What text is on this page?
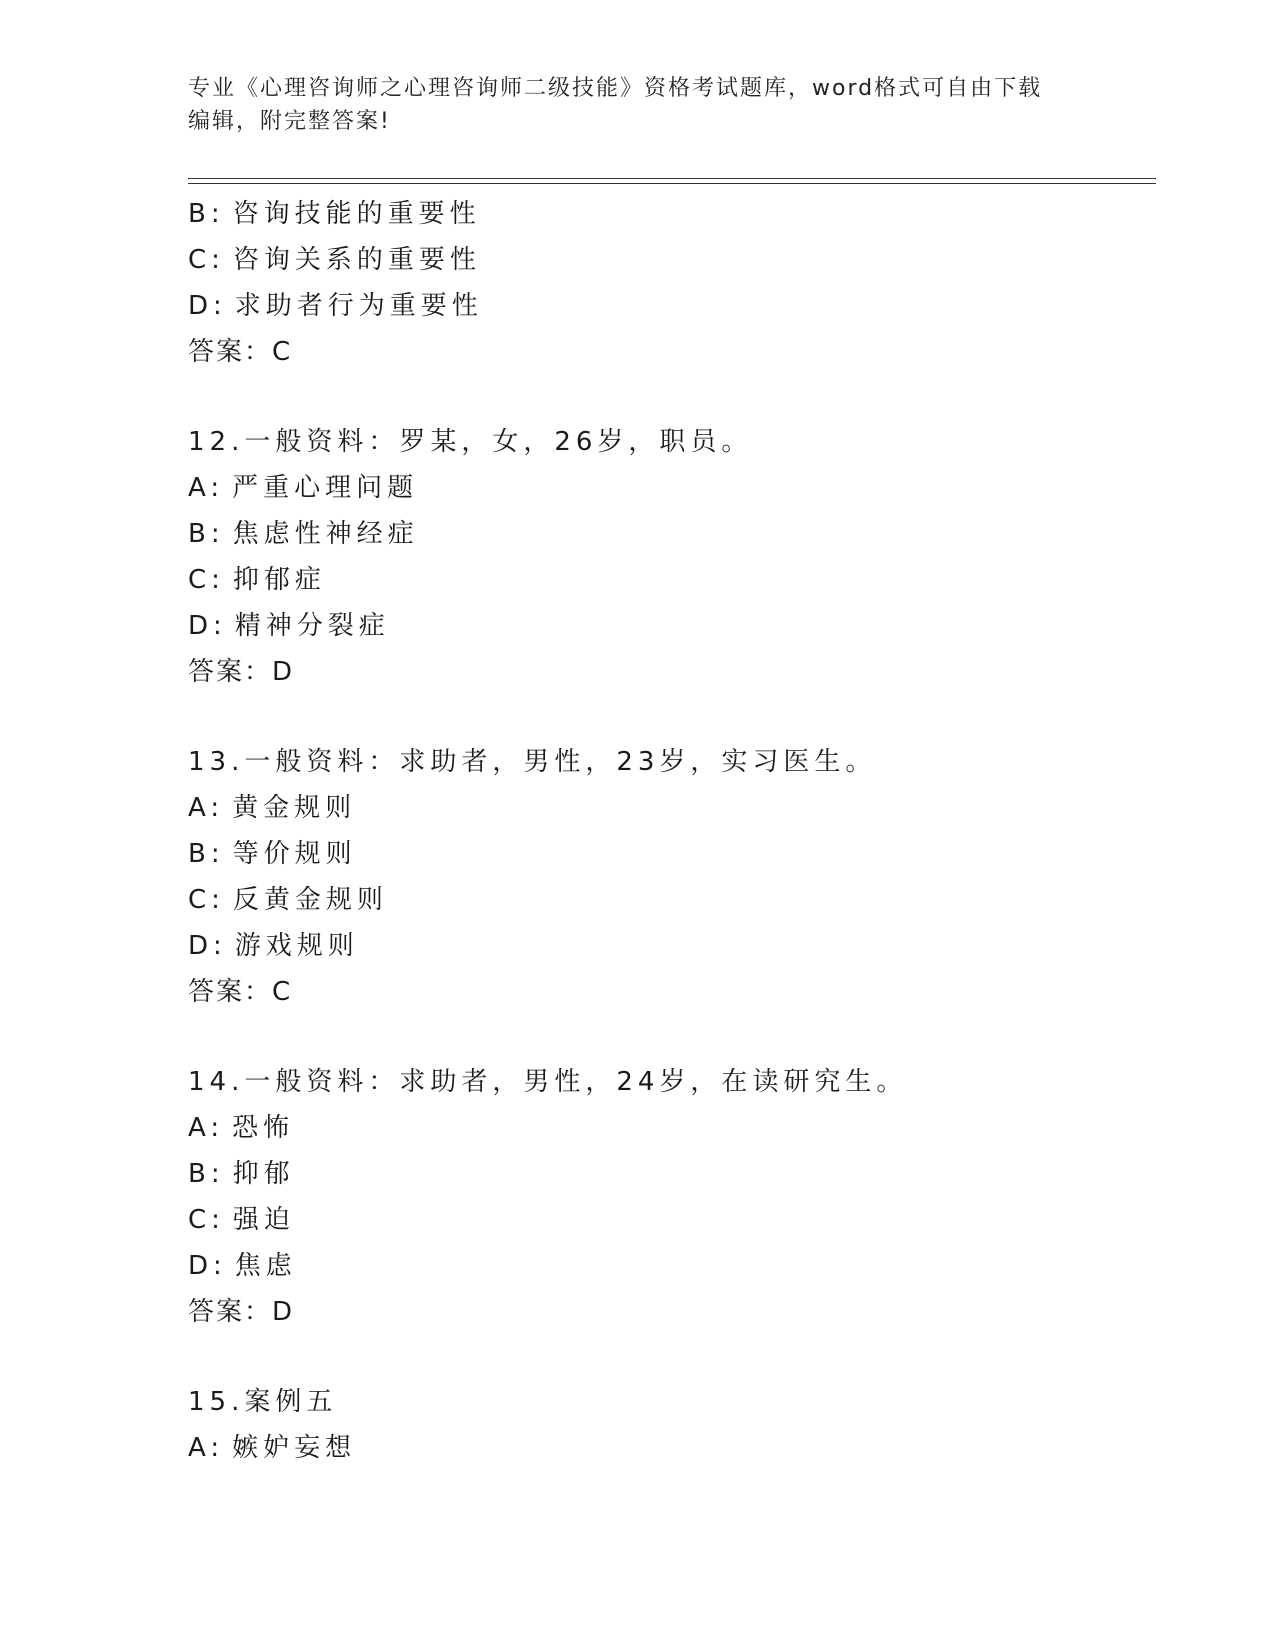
专业《心理咨询师之心理咨询师二级技能》资格考试题库，word格式可自由下载
编辑，附完整答案!
B: 咨询技能的重要性
C: 咨询关系的重要性
D: 求助者行为重要性
答案：C
12.一般资料：罗某，女，26岁，职员。
A: 严重心理问题
B: 焦虑性神经症
C: 抑郁症
D: 精神分裂症
答案：D
13.一般资料：求助者，男性，23岁，实习医生。
A: 黄金规则
B: 等价规则
C: 反黄金规则
D: 游戏规则
答案：C
14.一般资料：求助者，男性，24岁，在读研究生。
A: 恐怖
B: 抑郁
C: 强迫
D: 焦虑
答案：D
15.案例五
A: 嫉妒妄想
